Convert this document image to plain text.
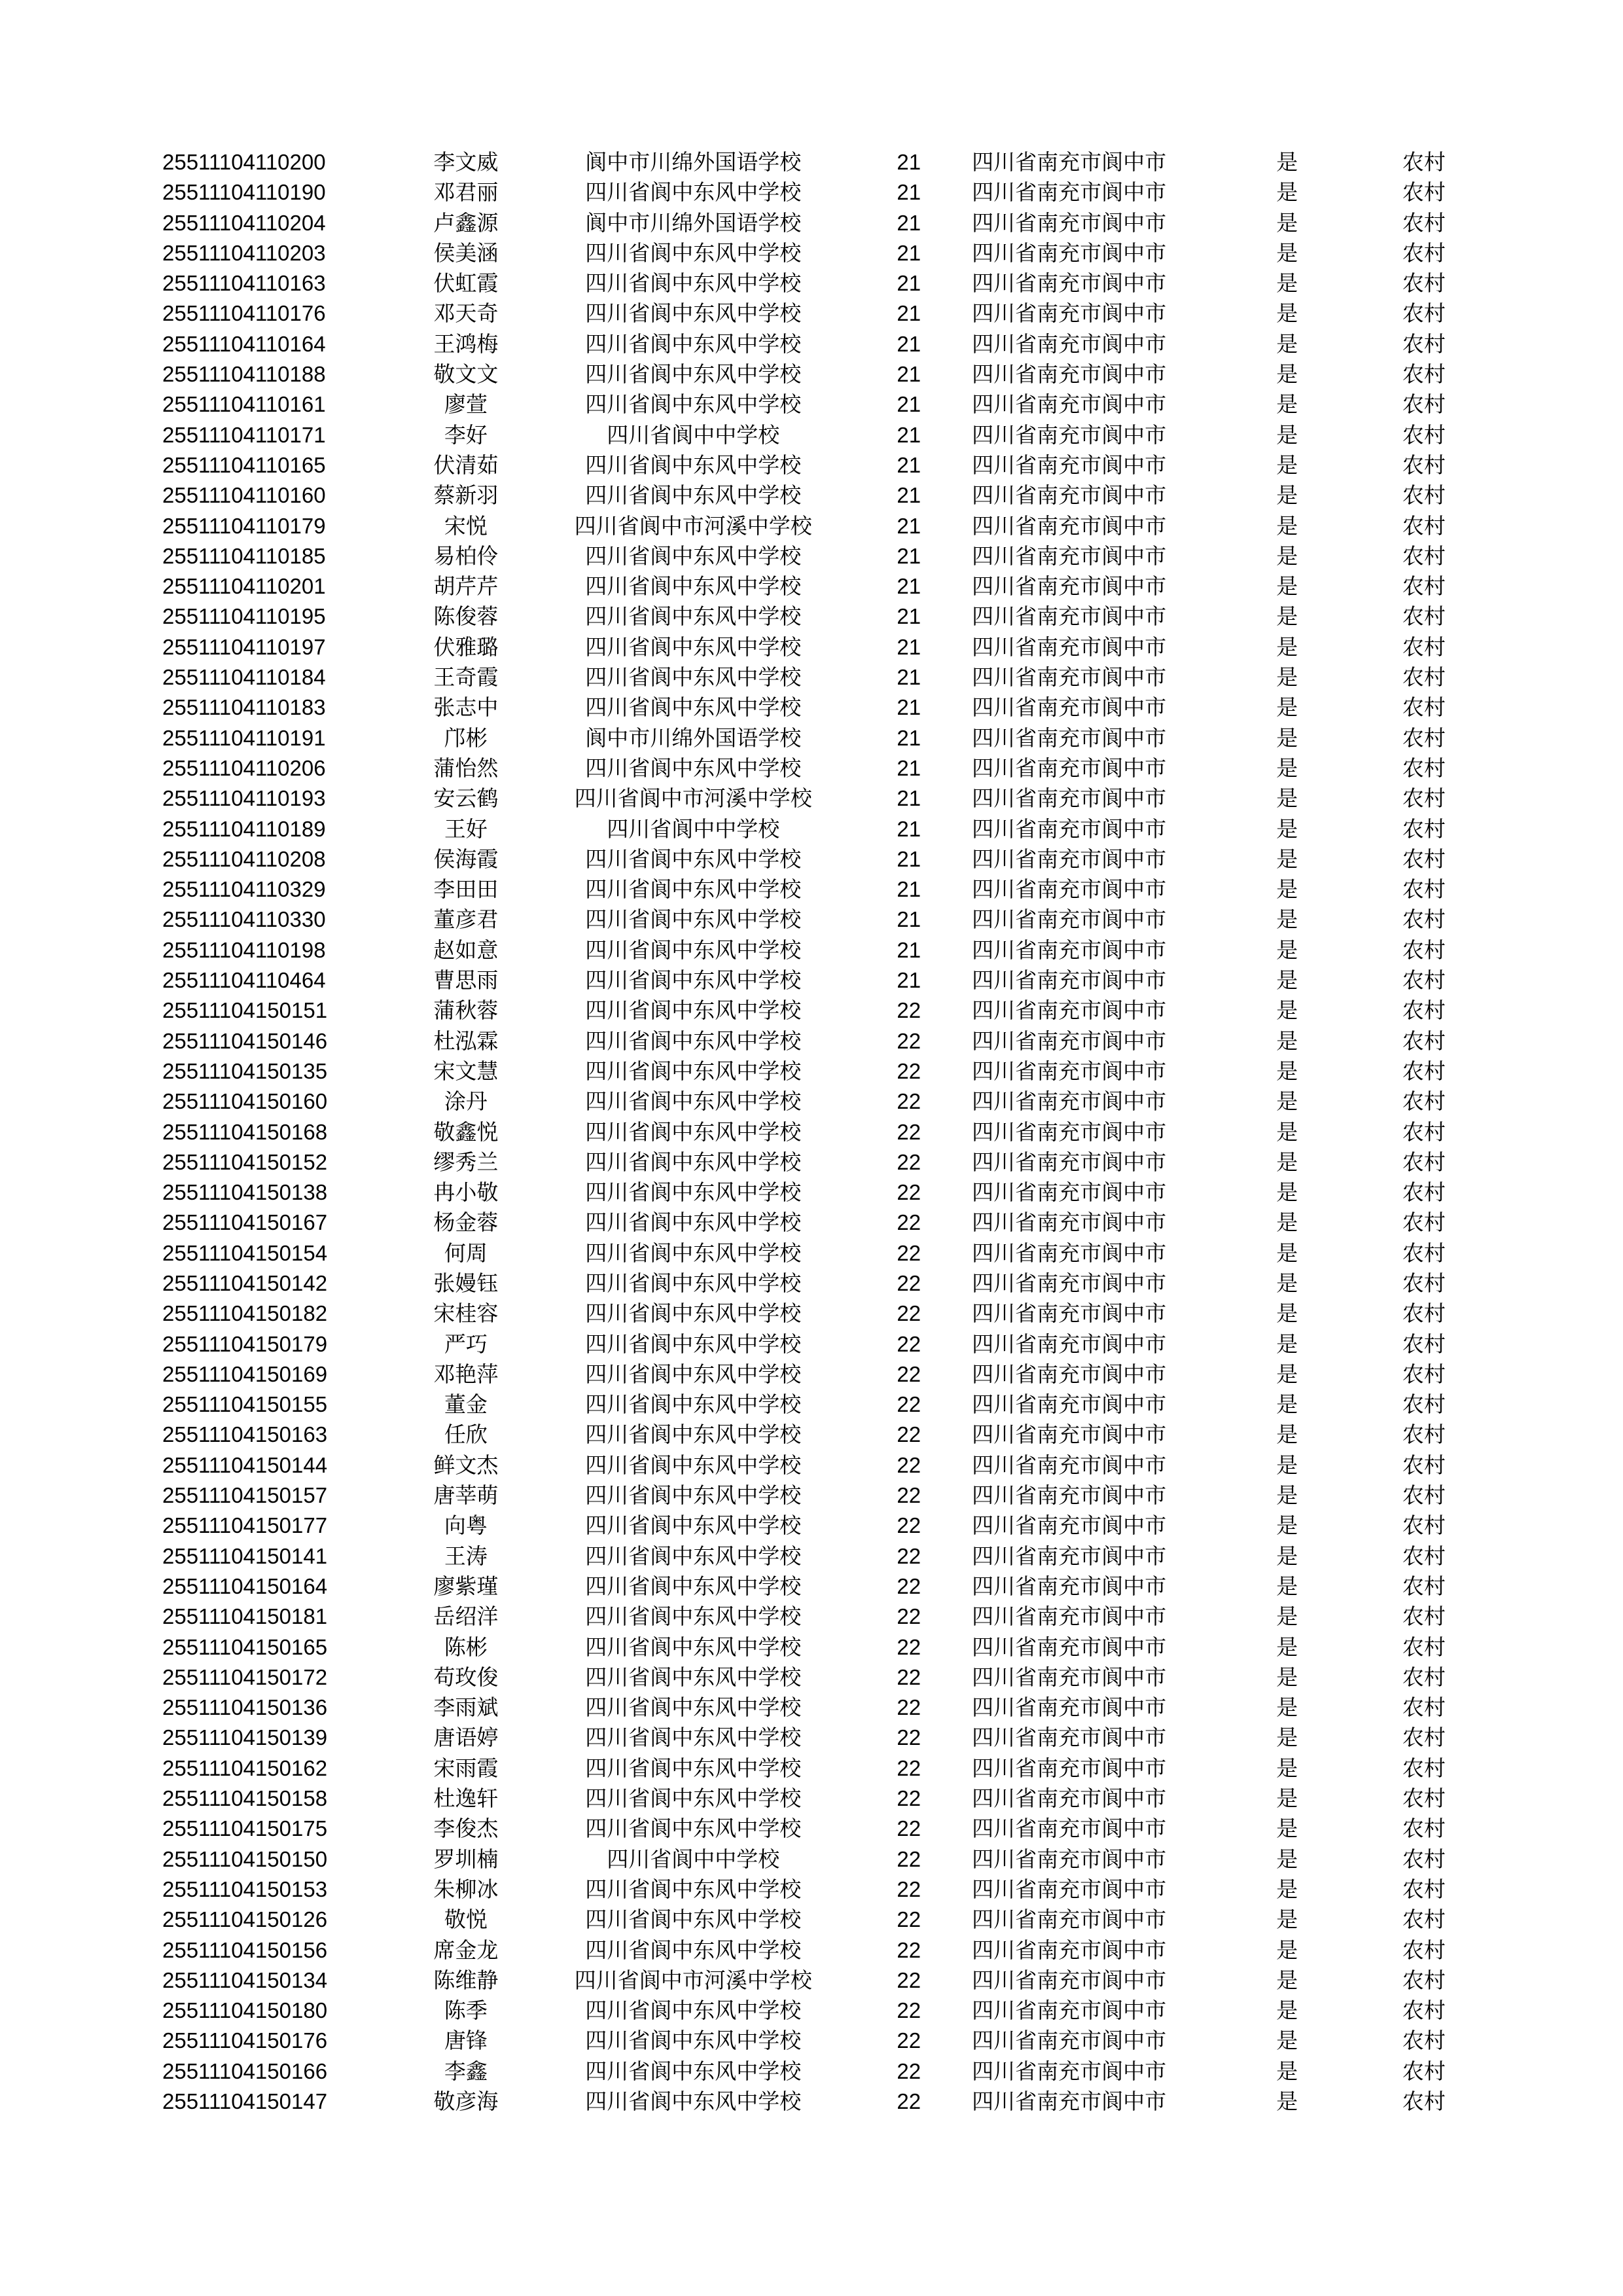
25511104110200	李文威	阆中市川绵外国语学校	21	四川省南充市阆中市	是	农村
25511104110190	邓君丽	四川省阆中东风中学校	21	四川省南充市阆中市	是	农村
25511104110204	卢鑫源	阆中市川绵外国语学校	21	四川省南充市阆中市	是	农村
25511104110203	侯美涵	四川省阆中东风中学校	21	四川省南充市阆中市	是	农村
25511104110163	伏虹霞	四川省阆中东风中学校	21	四川省南充市阆中市	是	农村
25511104110176	邓天奇	四川省阆中东风中学校	21	四川省南充市阆中市	是	农村
25511104110164	王鸿梅	四川省阆中东风中学校	21	四川省南充市阆中市	是	农村
25511104110188	敬文文	四川省阆中东风中学校	21	四川省南充市阆中市	是	农村
25511104110161	廖萱	四川省阆中东风中学校	21	四川省南充市阆中市	是	农村
25511104110171	李好	四川省阆中中学校	21	四川省南充市阆中市	是	农村
25511104110165	伏清茹	四川省阆中东风中学校	21	四川省南充市阆中市	是	农村
25511104110160	蔡新羽	四川省阆中东风中学校	21	四川省南充市阆中市	是	农村
25511104110179	宋悦	四川省阆中市河溪中学校	21	四川省南充市阆中市	是	农村
25511104110185	易柏伶	四川省阆中东风中学校	21	四川省南充市阆中市	是	农村
25511104110201	胡芹芹	四川省阆中东风中学校	21	四川省南充市阆中市	是	农村
25511104110195	陈俊蓉	四川省阆中东风中学校	21	四川省南充市阆中市	是	农村
25511104110197	伏雅璐	四川省阆中东风中学校	21	四川省南充市阆中市	是	农村
25511104110184	王奇霞	四川省阆中东风中学校	21	四川省南充市阆中市	是	农村
25511104110183	张志中	四川省阆中东风中学校	21	四川省南充市阆中市	是	农村
25511104110191	邝彬	阆中市川绵外国语学校	21	四川省南充市阆中市	是	农村
25511104110206	蒲怡然	四川省阆中东风中学校	21	四川省南充市阆中市	是	农村
25511104110193	安云鹤	四川省阆中市河溪中学校	21	四川省南充市阆中市	是	农村
25511104110189	王好	四川省阆中中学校	21	四川省南充市阆中市	是	农村
25511104110208	侯海霞	四川省阆中东风中学校	21	四川省南充市阆中市	是	农村
25511104110329	李田田	四川省阆中东风中学校	21	四川省南充市阆中市	是	农村
25511104110330	董彦君	四川省阆中东风中学校	21	四川省南充市阆中市	是	农村
25511104110198	赵如意	四川省阆中东风中学校	21	四川省南充市阆中市	是	农村
25511104110464	曹思雨	四川省阆中东风中学校	21	四川省南充市阆中市	是	农村
25511104150151	蒲秋蓉	四川省阆中东风中学校	22	四川省南充市阆中市	是	农村
25511104150146	杜泓霖	四川省阆中东风中学校	22	四川省南充市阆中市	是	农村
25511104150135	宋文慧	四川省阆中东风中学校	22	四川省南充市阆中市	是	农村
25511104150160	涂丹	四川省阆中东风中学校	22	四川省南充市阆中市	是	农村
25511104150168	敬鑫悦	四川省阆中东风中学校	22	四川省南充市阆中市	是	农村
25511104150152	缪秀兰	四川省阆中东风中学校	22	四川省南充市阆中市	是	农村
25511104150138	冉小敬	四川省阆中东风中学校	22	四川省南充市阆中市	是	农村
25511104150167	杨金蓉	四川省阆中东风中学校	22	四川省南充市阆中市	是	农村
25511104150154	何周	四川省阆中东风中学校	22	四川省南充市阆中市	是	农村
25511104150142	张嫚钰	四川省阆中东风中学校	22	四川省南充市阆中市	是	农村
25511104150182	宋桂容	四川省阆中东风中学校	22	四川省南充市阆中市	是	农村
25511104150179	严巧	四川省阆中东风中学校	22	四川省南充市阆中市	是	农村
25511104150169	邓艳萍	四川省阆中东风中学校	22	四川省南充市阆中市	是	农村
25511104150155	董金	四川省阆中东风中学校	22	四川省南充市阆中市	是	农村
25511104150163	任欣	四川省阆中东风中学校	22	四川省南充市阆中市	是	农村
25511104150144	鲜文杰	四川省阆中东风中学校	22	四川省南充市阆中市	是	农村
25511104150157	唐莘萌	四川省阆中东风中学校	22	四川省南充市阆中市	是	农村
25511104150177	向粤	四川省阆中东风中学校	22	四川省南充市阆中市	是	农村
25511104150141	王涛	四川省阆中东风中学校	22	四川省南充市阆中市	是	农村
25511104150164	廖紫瑾	四川省阆中东风中学校	22	四川省南充市阆中市	是	农村
25511104150181	岳绍洋	四川省阆中东风中学校	22	四川省南充市阆中市	是	农村
25511104150165	陈彬	四川省阆中东风中学校	22	四川省南充市阆中市	是	农村
25511104150172	苟玫俊	四川省阆中东风中学校	22	四川省南充市阆中市	是	农村
25511104150136	李雨斌	四川省阆中东风中学校	22	四川省南充市阆中市	是	农村
25511104150139	唐语婷	四川省阆中东风中学校	22	四川省南充市阆中市	是	农村
25511104150162	宋雨霞	四川省阆中东风中学校	22	四川省南充市阆中市	是	农村
25511104150158	杜逸轩	四川省阆中东风中学校	22	四川省南充市阆中市	是	农村
25511104150175	李俊杰	四川省阆中东风中学校	22	四川省南充市阆中市	是	农村
25511104150150	罗圳楠	四川省阆中中学校	22	四川省南充市阆中市	是	农村
25511104150153	朱柳冰	四川省阆中东风中学校	22	四川省南充市阆中市	是	农村
25511104150126	敬悦	四川省阆中东风中学校	22	四川省南充市阆中市	是	农村
25511104150156	席金龙	四川省阆中东风中学校	22	四川省南充市阆中市	是	农村
25511104150134	陈维静	四川省阆中市河溪中学校	22	四川省南充市阆中市	是	农村
25511104150180	陈季	四川省阆中东风中学校	22	四川省南充市阆中市	是	农村
25511104150176	唐锋	四川省阆中东风中学校	22	四川省南充市阆中市	是	农村
25511104150166	李鑫	四川省阆中东风中学校	22	四川省南充市阆中市	是	农村
25511104150147	敬彦海	四川省阆中东风中学校	22	四川省南充市阆中市	是	农村
